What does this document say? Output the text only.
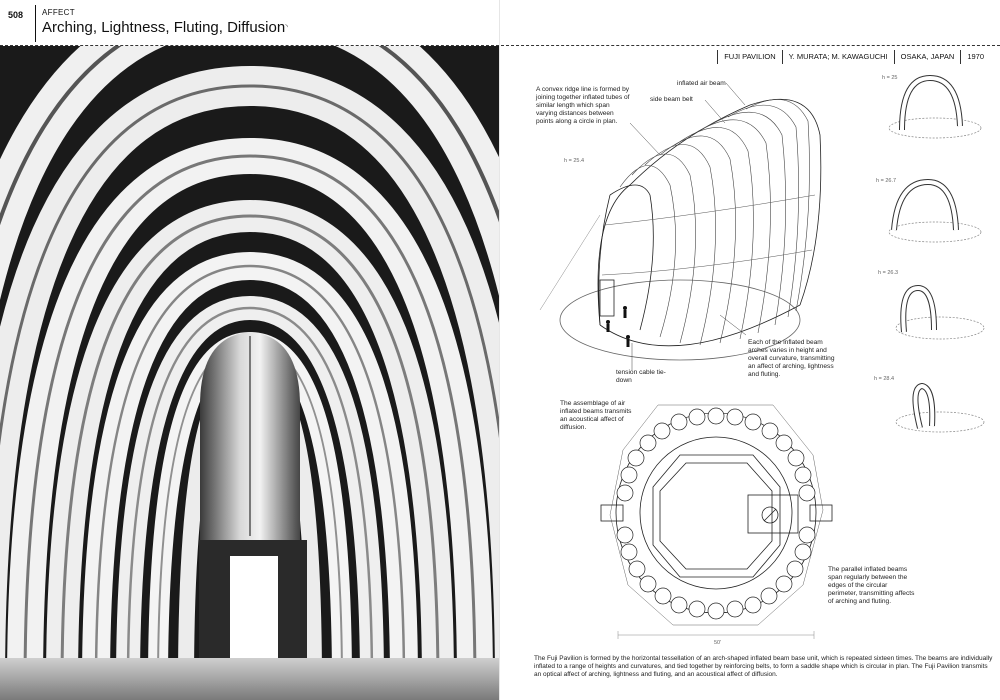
508 AFFECT
Arching, Lightness, Fluting, Diffusion◝
FUJI PAVILION Y. MURATA; M. KAWAGUCHI OSAKA, JAPAN 1970
A convex ridge line is formed by joining together inflated tubes of similar length which span varying distances between points along a circle in plan.
inflated air beam
side beam belt
h = 25.4
Each of the inflated beam arches varies in height and overall curvature, transmitting an affect of arching, lightness and fluting.
tension cable tie-down
The assemblage of air inflated beams transmits an acoustical affect of diffusion.
The parallel inflated beams span regularly between the edges of the circular perimeter, transmitting affects of arching and fluting.
h = 25
h = 26.7
h = 26.3
h = 28.4
50'
The Fuji Pavilion is formed by the horizontal tessellation of an arch-shaped inflated beam base unit, which is repeated sixteen times. The beams are individually inflated to a range of heights and curvatures, and tied together by reinforcing belts, to form a saddle shape which is circular in plan. The Fuji Pavilion transmits an optical affect of arching, lightness and fluting, and an acoustical affect of diffusion.
